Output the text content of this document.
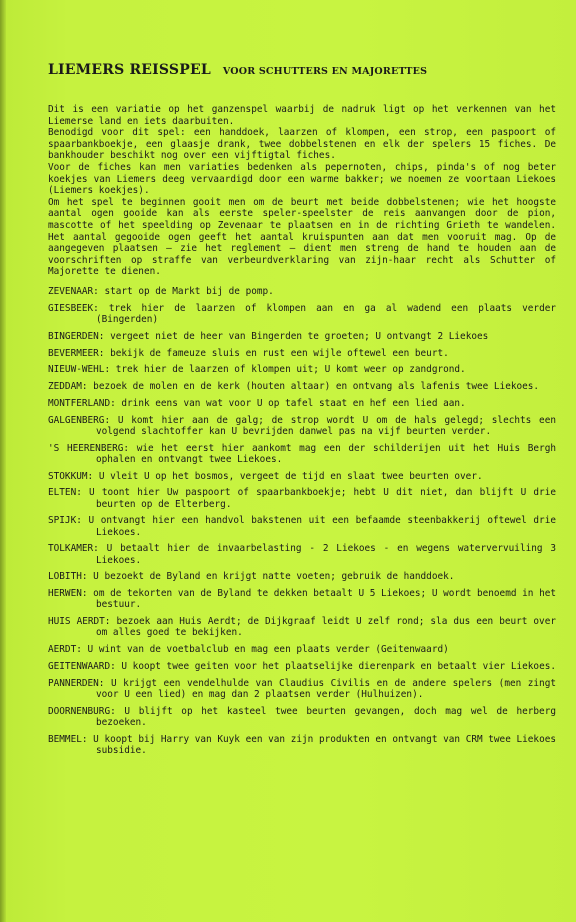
LIEMERS REISSPEL VOOR SCHUTTERS EN MAJORETTES

Dit is een variatie op het ganzenspel waarbij de nadruk ligt op het verkennen van het Liemerse land en iets daarbuiten.

Benodigd voor dit spel: een handdoek, laarzen of klompen, een strop, een paspoort of spaarbankboekje, een glaasje drank, twee dobbelstenen en elk der spelers 15 fiches. De bankhouder beschikt nog over een vijftigtal fiches.

Voor de fiches kan men variaties bedenken als pepernoten, chips, pinda's of nog beter koekjes van Liemers deeg vervaardigd door een warme bakker; we noemen ze voortaan Liekoes (Liemers koekjes).

Om het spel te beginnen gooit men om de beurt met beide dobbelstenen; wie het hoogste aantal ogen gooide kan als eerste speler-speelster de reis aanvangen door de pion, mascotte of het speelding op Zevenaar te plaatsen en in de richting Grieth te wandelen. Het aantal gegooide ogen geeft het aantal kruispunten aan dat men vooruit mag. Op de aangegeven plaatsen — zie het reglement — dient men streng de hand te houden aan de voorschriften op straffe van verbeurdverklaring van zijn-haar recht als Schutter of Majorette te dienen.

ZEVENAAR: start op de Markt bij de pomp.
GIESBEEK: trek hier de laarzen of klompen aan en ga al wadend een plaats verder (Bingerden)
BINGERDEN: vergeet niet de heer van Bingerden te groeten; U ontvangt 2 Liekoes
BEVERMEER: bekijk de fameuze sluis en rust een wijle oftewel een beurt.
NIEUW-WEHL: trek hier de laarzen of klompen uit; U komt weer op zandgrond.
ZEDDAM: bezoek de molen en de kerk (houten altaar) en ontvang als lafenis twee Liekoes.
MONTFERLAND: drink eens van wat voor U op tafel staat en hef een lied aan.
GALGENBERG: U komt hier aan de galg; de strop wordt U om de hals gelegd; slechts een volgend slachtoffer kan U bevrijden danwel pas na vijf beurten verder.
'S HEERENBERG: wie het eerst hier aankomt mag een der schilderijen uit het Huis Bergh ophalen en ontvangt twee Liekoes.
STOKKUM: U vleit U op het bosmos, vergeet de tijd en slaat twee beurten over.
ELTEN: U toont hier Uw paspoort of spaarbankboekje; hebt U dit niet, dan blijft U drie beurten op de Elterberg.
SPIJK: U ontvangt hier een handvol bakstenen uit een befaamde steenbakkerij oftewel drie Liekoes.
TOLKAMER: U betaalt hier de invaarbelasting - 2 Liekoes - en wegens watervervuiling 3 Liekoes.
LOBITH: U bezoekt de Byland en krijgt natte voeten; gebruik de handdoek.
HERWEN: om de tekorten van de Byland te dekken betaalt U 5 Liekoes; U wordt benoemd in het bestuur.
HUIS AERDT: bezoek aan Huis Aerdt; de Dijkgraaf leidt U zelf rond; sla dus een beurt over om alles goed te bekijken.
AERDT: U wint van de voetbalclub en mag een plaats verder (Geitenwaard)
GEITENWAARD: U koopt twee geiten voor het plaatselijke dierenpark en betaalt vier Liekoes.
PANNERDEN: U krijgt een vendelhulde van Claudius Civilis en de andere spelers (men zingt voor U een lied) en mag dan 2 plaatsen verder (Hulhuizen).
DOORNENBURG: U blijft op het kasteel twee beurten gevangen, doch mag wel de herberg bezoeken.
BEMMEL: U koopt bij Harry van Kuyk een van zijn produkten en ontvangt van CRM twee Liekoes subsidie.
